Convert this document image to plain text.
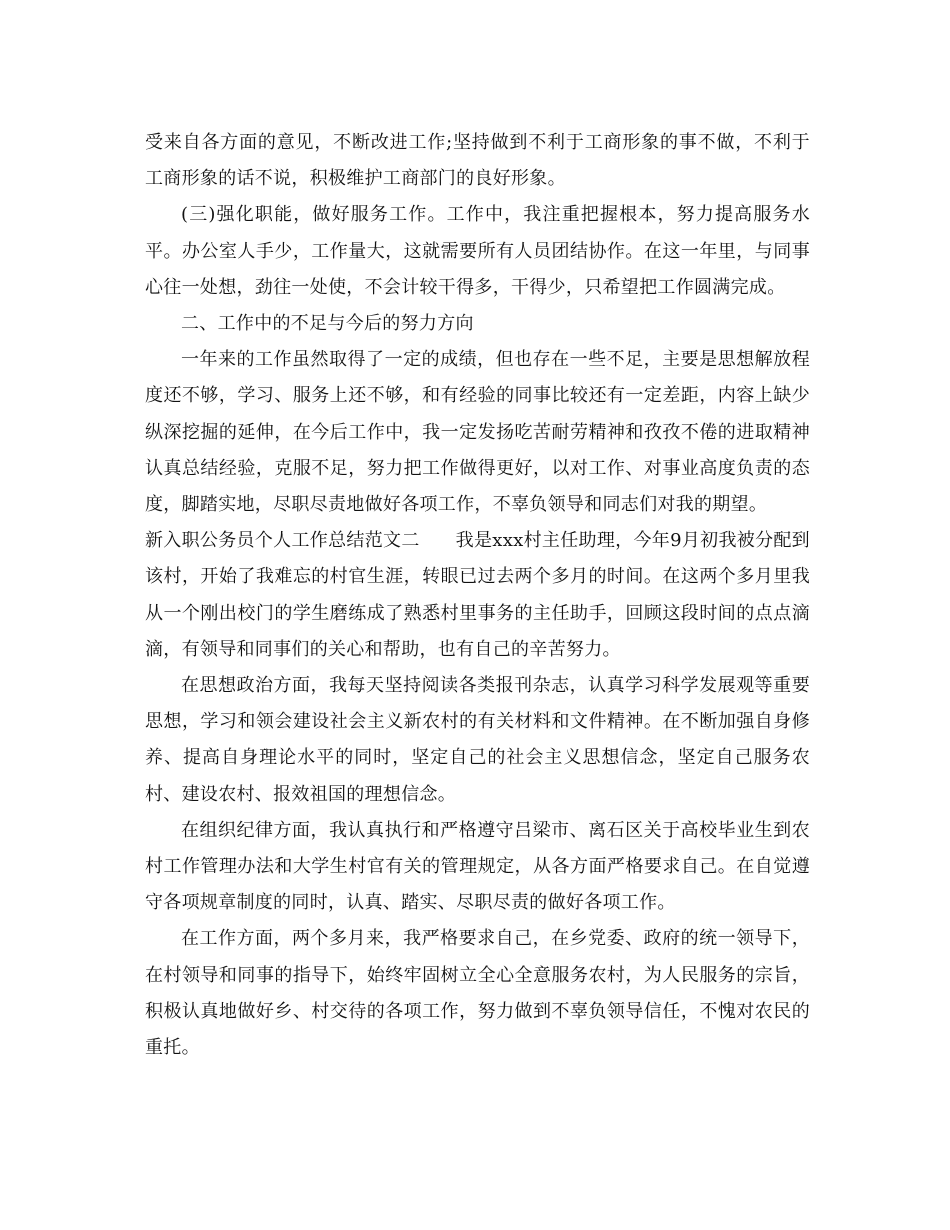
受来自各方面的意见，不断改进工作;坚持做到不利于工商形象的事不做，不利于工商形象的话不说，积极维护工商部门的良好形象。

(三)强化职能，做好服务工作。工作中，我注重把握根本，努力提高服务水平。办公室人手少，工作量大，这就需要所有人员团结协作。在这一年里，与同事心往一处想，劲往一处使，不会计较干得多，干得少，只希望把工作圆满完成。

二、工作中的不足与今后的努力方向

一年来的工作虽然取得了一定的成绩，但也存在一些不足，主要是思想解放程度还不够，学习、服务上还不够，和有经验的同事比较还有一定差距，内容上缺少纵深挖掘的延伸，在今后工作中，我一定发扬吃苦耐劳精神和孜孜不倦的进取精神认真总结经验，克服不足，努力把工作做得更好，以对工作、对事业高度负责的态度，脚踏实地，尽职尽责地做好各项工作，不辜负领导和同志们对我的期望。

新入职公务员个人工作总结范文二 我是xxx村主任助理，今年9月初我被分配到该村，开始了我难忘的村官生涯，转眼已过去两个多月的时间。在这两个多月里我从一个刚出校门的学生磨练成了熟悉村里事务的主任助手，回顾这段时间的点点滴滴，有领导和同事们的关心和帮助，也有自己的辛苦努力。

在思想政治方面，我每天坚持阅读各类报刊杂志，认真学习科学发展观等重要思想，学习和领会建设社会主义新农村的有关材料和文件精神。在不断加强自身修养、提高自身理论水平的同时，坚定自己的社会主义思想信念，坚定自己服务农村、建设农村、报效祖国的理想信念。

在组织纪律方面，我认真执行和严格遵守吕梁市、离石区关于高校毕业生到农村工作管理办法和大学生村官有关的管理规定，从各方面严格要求自己。在自觉遵守各项规章制度的同时，认真、踏实、尽职尽责的做好各项工作。

在工作方面，两个多月来，我严格要求自己，在乡党委、政府的统一领导下，在村领导和同事的指导下，始终牢固树立全心全意服务农村，为人民服务的宗旨，积极认真地做好乡、村交待的各项工作，努力做到不辜负领导信任，不愧对农民的重托。
